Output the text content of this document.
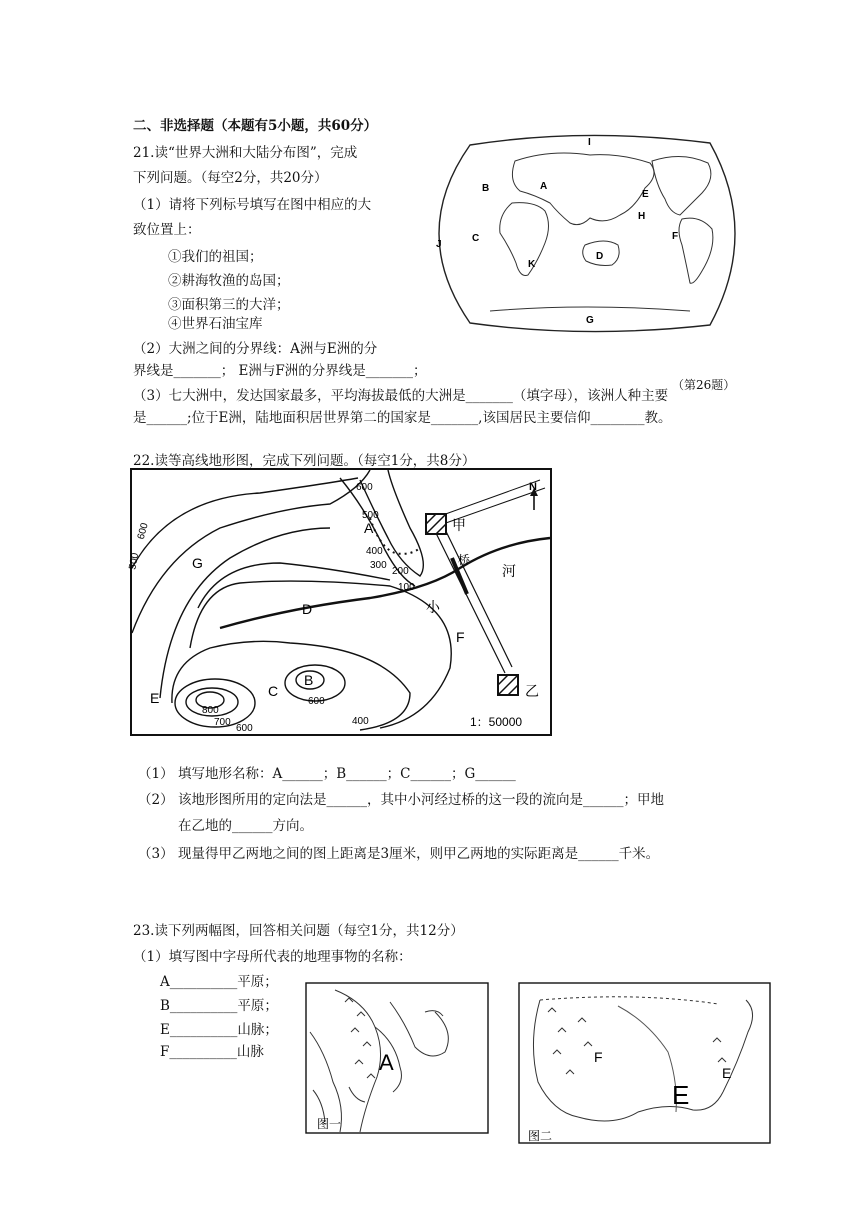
二、非选择题（本题有5小题，共60分）
21.读“世界大洲和大陆分布图”，完成
下列问题。（每空2分，共20分）
（1）请将下列标号填写在图中相应的大
致位置上：
①我们的祖国；
②耕海牧渔的岛国；
③面积第三的大洋；
④世界石油宝库
（2）大洲之间的分界线：A洲与E洲的分
界线是_______； E洲与F洲的分界线是_______；
（3）七大洲中，发达国家最多，平均海拔最低的大洲是_______（填字母），该洲人种主要
是______;位于E洲，陆地面积居世界第二的国家是_______,该国居民主要信仰________教。
A
B
C
D
E
F
G
H
I
J
K
（第26题）
22.读等高线地形图，完成下列问题。（每空1分，共8分）
N
甲
乙
桥
河
小
1：50000
A
B
C
D
E
F
G
600
500
400
300
200
100
600
500
800
700
600
600
400
（1） 填写地形名称：A______；B______；C______；G______
（2） 该地形图所用的定向法是______，其中小河经过桥的这一段的流向是______；甲地
在乙地的______方向。
（3） 现量得甲乙两地之间的图上距离是3厘米，则甲乙两地的实际距离是______千米。
23.读下列两幅图，回答相关问题（每空1分，共12分）
（1）填写图中字母所代表的地理事物的名称：
A__________平原；
B__________平原；
E__________山脉；
F__________山脉	A
图一
F
E
E
图二
